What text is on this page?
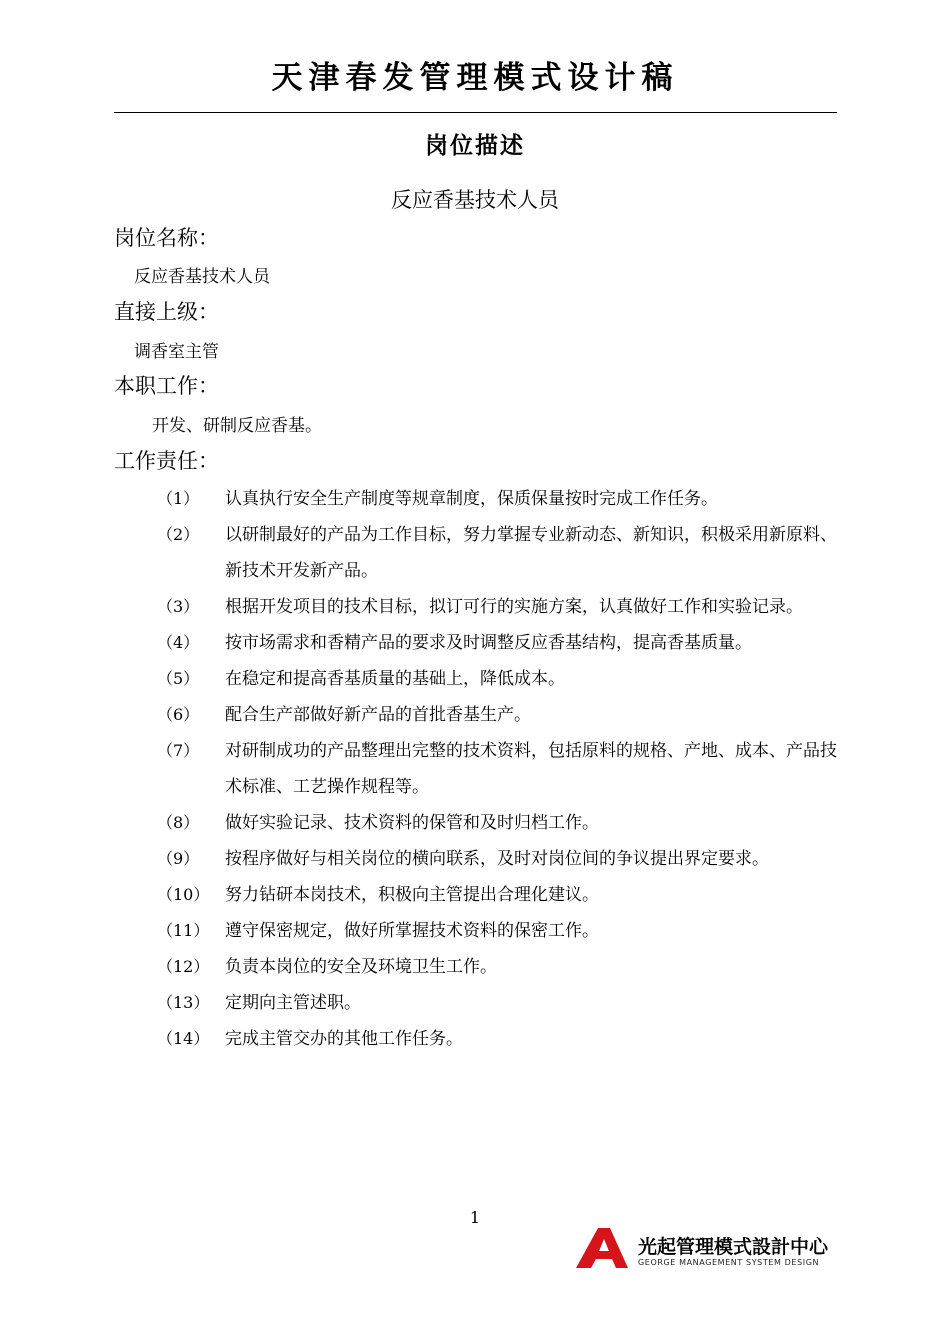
天津春发管理模式设计稿
岗位描述
反应香基技术人员
岗位名称：
反应香基技术人员
直接上级：
调香室主管
本职工作：
开发、研制反应香基。
工作责任：
（1）	认真执行安全生产制度等规章制度，保质保量按时完成工作任务。
（2）	以研制最好的产品为工作目标，努力掌握专业新动态、新知识，积极采用新原料、新技术开发新产品。
（3）	根据开发项目的技术目标，拟订可行的实施方案，认真做好工作和实验记录。
（4）	按市场需求和香精产品的要求及时调整反应香基结构，提高香基质量。
（5）	在稳定和提高香基质量的基础上，降低成本。
（6）	配合生产部做好新产品的首批香基生产。
（7）	对研制成功的产品整理出完整的技术资料，包括原料的规格、产地、成本、产品技术标准、工艺操作规程等。
（8）	做好实验记录、技术资料的保管和及时归档工作。
（9）	按程序做好与相关岗位的横向联系，及时对岗位间的争议提出界定要求。
（10） 努力钻研本岗技术，积极向主管提出合理化建议。
（11） 遵守保密规定，做好所掌握技术资料的保密工作。
（12） 负责本岗位的安全及环境卫生工作。
（13） 定期向主管述职。
（14） 完成主管交办的其他工作任务。
1
光起管理模式設計中心
GEORGE MANAGEMENT SYSTEM DESIGN
